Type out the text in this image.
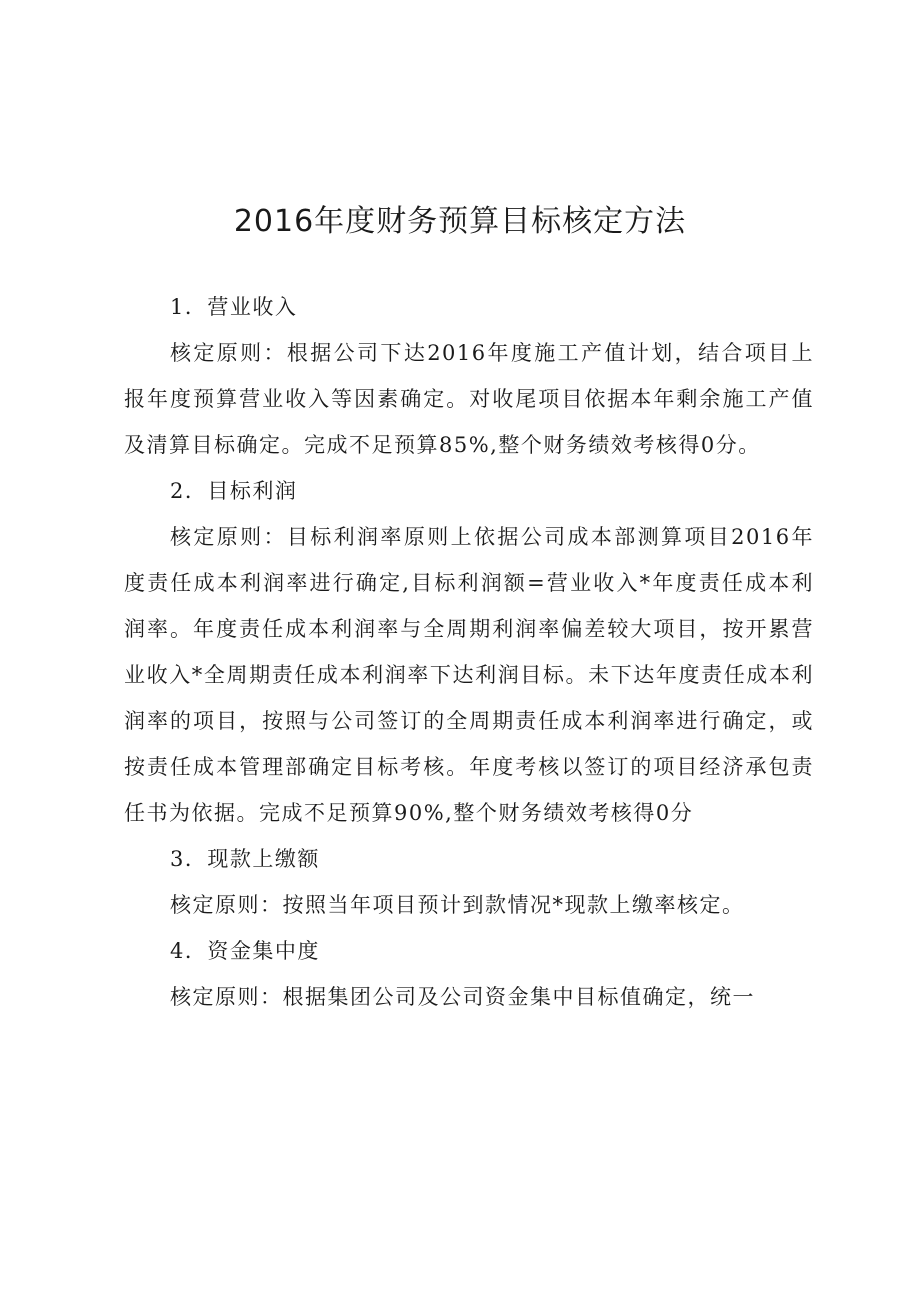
2016年度财务预算目标核定方法

1．营业收入

核定原则：根据公司下达2016年度施工产值计划，结合项目上报年度预算营业收入等因素确定。对收尾项目依据本年剩余施工产值及清算目标确定。完成不足预算85%,整个财务绩效考核得0分。

2．目标利润

核定原则：目标利润率原则上依据公司成本部测算项目2016年度责任成本利润率进行确定,目标利润额=营业收入*年度责任成本利润率。年度责任成本利润率与全周期利润率偏差较大项目，按开累营业收入*全周期责任成本利润率下达利润目标。未下达年度责任成本利润率的项目，按照与公司签订的全周期责任成本利润率进行确定，或按责任成本管理部确定目标考核。年度考核以签订的项目经济承包责任书为依据。完成不足预算90%,整个财务绩效考核得0分

3．现款上缴额

核定原则：按照当年项目预计到款情况*现款上缴率核定。

4．资金集中度

核定原则：根据集团公司及公司资金集中目标值确定，统一
